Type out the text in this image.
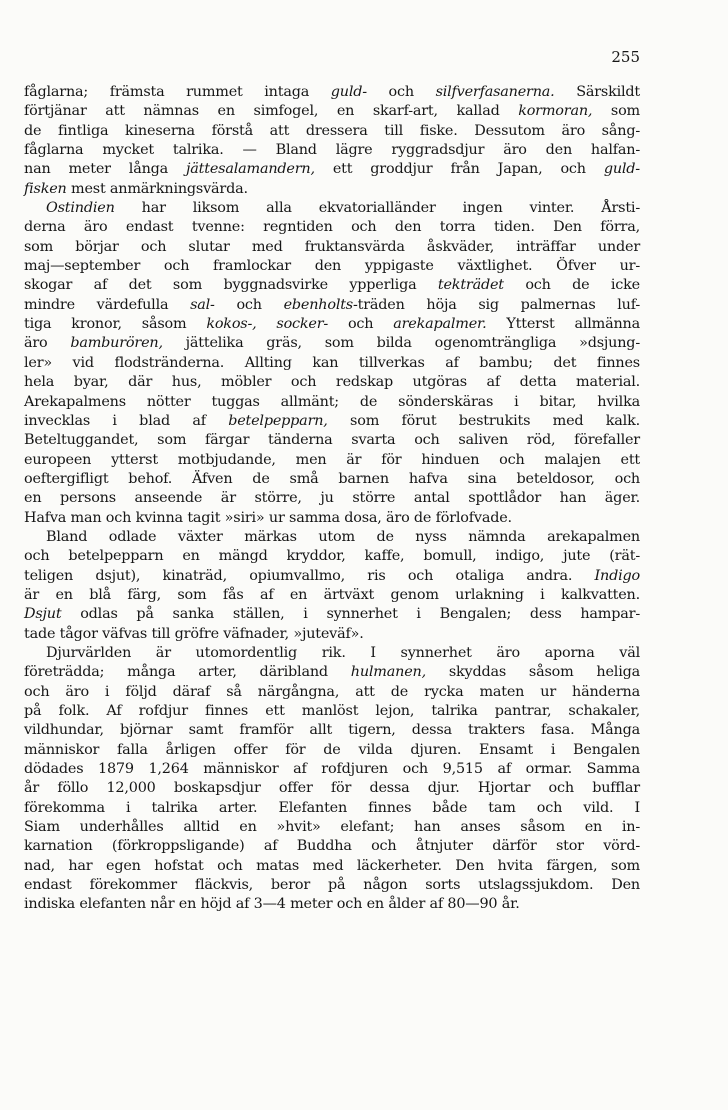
255
fåglarna; främsta rummet intaga guld- och silfverfasanerna. Särskildt
förtjänar att nämnas en simfogel, en skarf-art, kallad kormoran, som
de fintliga kineserna förstå att dressera till fiske. Dessutom äro sång-
fåglarna mycket talrika. — Bland lägre ryggradsdjur äro den halfan-
nan meter långa jättesalamandern, ett groddjur från Japan, och guld-
fisken mest anmärkningsvärda.
Ostindien har liksom alla ekvatorialländer ingen vinter. Årsti-
derna äro endast tvenne: regntiden och den torra tiden. Den förra,
som börjar och slutar med fruktansvärda åskväder, inträffar under
maj—september och framlockar den yppigaste växtlighet. Öfver ur-
skogar af det som byggnadsvirke ypperliga tekträdet och de icke
mindre värdefulla sal- och ebenholts-träden höja sig palmernas luf-
tiga kronor, såsom kokos-, socker- och arekapalmer. Ytterst allmänna
äro bamburören, jättelika gräs, som bilda ogenomträngliga »dsjung-
ler» vid flodstränderna. Allting kan tillverkas af bambu; det finnes
hela byar, där hus, möbler och redskap utgöras af detta material.
Arekapalmens nötter tuggas allmänt; de sönderskäras i bitar, hvilka
invecklas i blad af betelpepparn, som förut bestrukits med kalk.
Beteltuggandet, som färgar tänderna svarta och saliven röd, förefaller
europeen ytterst motbjudande, men är för hinduen och malajen ett
oeftergifligt behof. Äfven de små barnen hafva sina beteldosor, och
en persons anseende är större, ju större antal spottlådor han äger.
Hafva man och kvinna tagit »siri» ur samma dosa, äro de förlofvade.
Bland odlade växter märkas utom de nyss nämnda arekapalmen
och betelpepparn en mängd kryddor, kaffe, bomull, indigo, jute (rät-
teligen dsjut), kinaträd, opiumvallmo, ris och otaliga andra. Indigo
är en blå färg, som fås af en ärtväxt genom urlakning i kalkvatten.
Dsjut odlas på sanka ställen, i synnerhet i Bengalen; dess hampar-
tade tågor väfvas till gröfre väfnader, »juteväf».
Djurvärlden är utomordentlig rik. I synnerhet äro aporna väl
företrädda; många arter, däribland hulmanen, skyddas såsom heliga
och äro i följd däraf så närgångna, att de rycka maten ur händerna
på folk. Af rofdjur finnes ett manlöst lejon, talrika pantrar, schakaler,
vildhundar, björnar samt framför allt tigern, dessa trakters fasa. Många
människor falla årligen offer för de vilda djuren. Ensamt i Bengalen
dödades 1879 1,264 människor af rofdjuren och 9,515 af ormar. Samma
år föllo 12,000 boskapsdjur offer för dessa djur. Hjortar och bufflar
förekomma i talrika arter. Elefanten finnes både tam och vild. I
Siam underhålles alltid en »hvit» elefant; han anses såsom en in-
karnation (förkroppsligande) af Buddha och åtnjuter därför stor vörd-
nad, har egen hofstat och matas med läckerheter. Den hvita färgen, som
endast förekommer fläckvis, beror på någon sorts utslagssjukdom. Den
indiska elefanten når en höjd af 3—4 meter och en ålder af 80—90 år.
